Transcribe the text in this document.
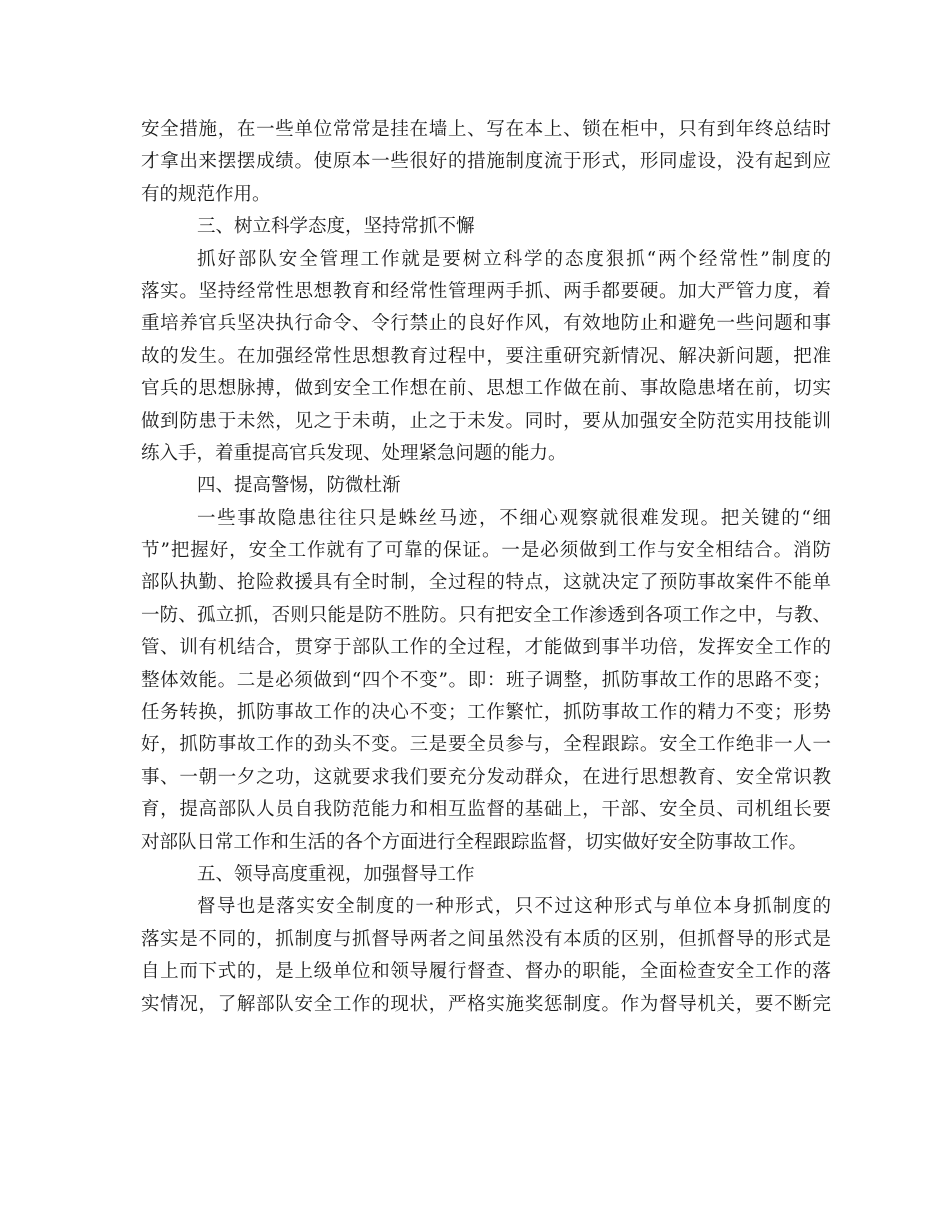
安全措施，在一些单位常常是挂在墙上、写在本上、锁在柜中，只有到年终总结时
才拿出来摆摆成绩。使原本一些很好的措施制度流于形式，形同虚设，没有起到应
有的规范作用。
三、树立科学态度，坚持常抓不懈
抓好部队安全管理工作就是要树立科学的态度狠抓“两个经常性”制度的
落实。坚持经常性思想教育和经常性管理两手抓、两手都要硬。加大严管力度，着
重培养官兵坚决执行命令、令行禁止的良好作风，有效地防止和避免一些问题和事
故的发生。在加强经常性思想教育过程中，要注重研究新情况、解决新问题，把准
官兵的思想脉搏，做到安全工作想在前、思想工作做在前、事故隐患堵在前，切实
做到防患于未然，见之于未萌，止之于未发。同时，要从加强安全防范实用技能训
练入手，着重提高官兵发现、处理紧急问题的能力。
四、提高警惕，防微杜渐
一些事故隐患往往只是蛛丝马迹，不细心观察就很难发现。把关键的“细
节”把握好，安全工作就有了可靠的保证。一是必须做到工作与安全相结合。消防
部队执勤、抢险救援具有全时制，全过程的特点，这就决定了预防事故案件不能单
一防、孤立抓，否则只能是防不胜防。只有把安全工作渗透到各项工作之中，与教、
管、训有机结合，贯穿于部队工作的全过程，才能做到事半功倍，发挥安全工作的
整体效能。二是必须做到“四个不变”。即：班子调整，抓防事故工作的思路不变；
任务转换，抓防事故工作的决心不变；工作繁忙，抓防事故工作的精力不变；形势
好，抓防事故工作的劲头不变。三是要全员参与，全程跟踪。安全工作绝非一人一
事、一朝一夕之功，这就要求我们要充分发动群众，在进行思想教育、安全常识教
育，提高部队人员自我防范能力和相互监督的基础上，干部、安全员、司机组长要
对部队日常工作和生活的各个方面进行全程跟踪监督，切实做好安全防事故工作。
五、领导高度重视，加强督导工作
督导也是落实安全制度的一种形式，只不过这种形式与单位本身抓制度的
落实是不同的，抓制度与抓督导两者之间虽然没有本质的区别，但抓督导的形式是
自上而下式的，是上级单位和领导履行督查、督办的职能，全面检查安全工作的落
实情况，了解部队安全工作的现状，严格实施奖惩制度。作为督导机关，要不断完
